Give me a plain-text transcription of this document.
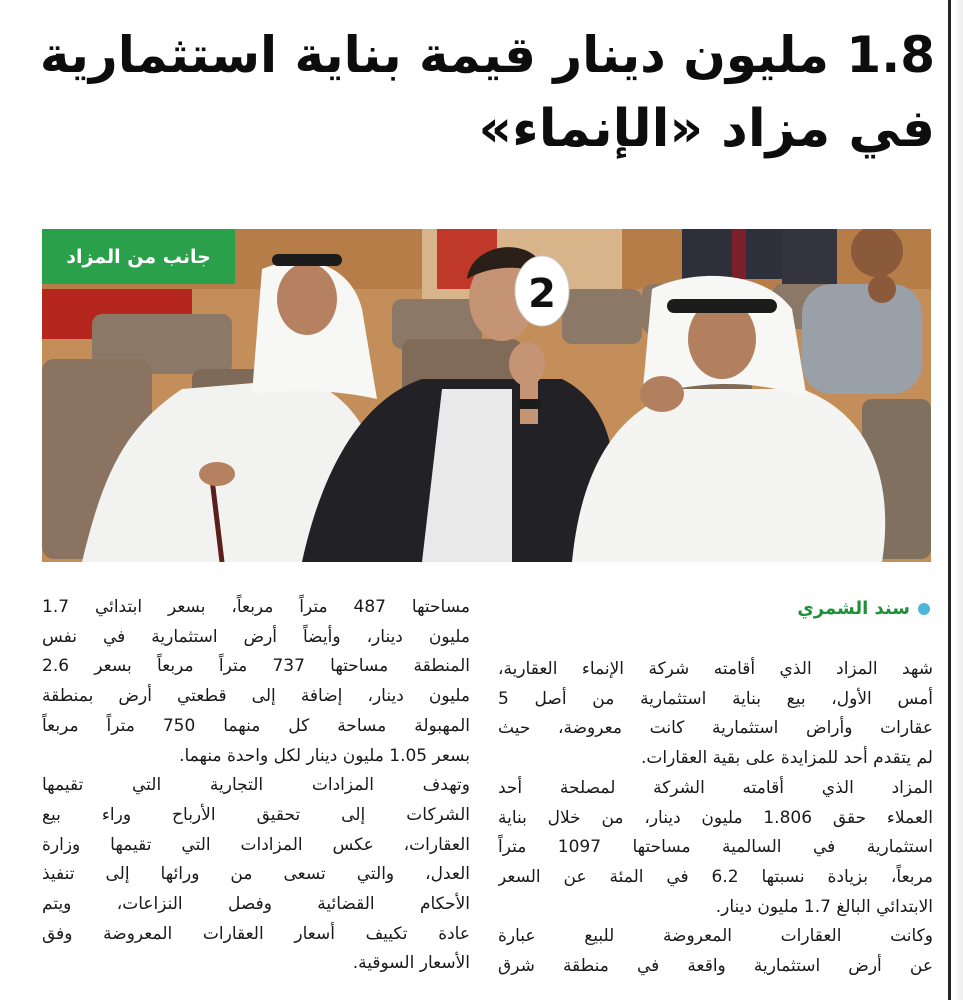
1.8 مليون دينار قيمة بناية استثمارية
في مزاد «الإنماء»
2
جانب من المزاد
سند الشمري
شهد المزاد الذي أقامته شركة الإنماء العقارية،
أمس الأول، بيع بناية استثمارية من أصل 5
عقارات وأراض استثمارية كانت معروضة، حيث
لم يتقدم أحد للمزايدة على بقية العقارات.
المزاد الذي أقامته الشركة لمصلحة أحد
العملاء حقق 1.806 مليون دينار، من خلال بناية
استثمارية في السالمية مساحتها 1097 متراً
مربعاً، بزيادة نسبتها 6.2 في المئة عن السعر
الابتدائي البالغ 1.7 مليون دينار.
وكانت العقارات المعروضة للبيع عبارة
عن أرض استثمارية واقعة في منطقة شرق
مساحتها 487 متراً مربعاً، بسعر ابتدائي 1.7
مليون دينار، وأيضاً أرض استثمارية في نفس
المنطقة مساحتها 737 متراً مربعاً بسعر 2.6
مليون دينار، إضافة إلى قطعتي أرض بمنطقة
المهبولة مساحة كل منهما 750 متراً مربعاً
بسعر 1.05 مليون دينار لكل واحدة منهما.
وتهدف المزادات التجارية التي تقيمها
الشركات إلى تحقيق الأرباح وراء بيع
العقارات، عكس المزادات التي تقيمها وزارة
العدل، والتي تسعى من ورائها إلى تنفيذ
الأحكام القضائية وفصل النزاعات، ويتم
عادة تكييف أسعار العقارات المعروضة وفق
الأسعار السوقية.
